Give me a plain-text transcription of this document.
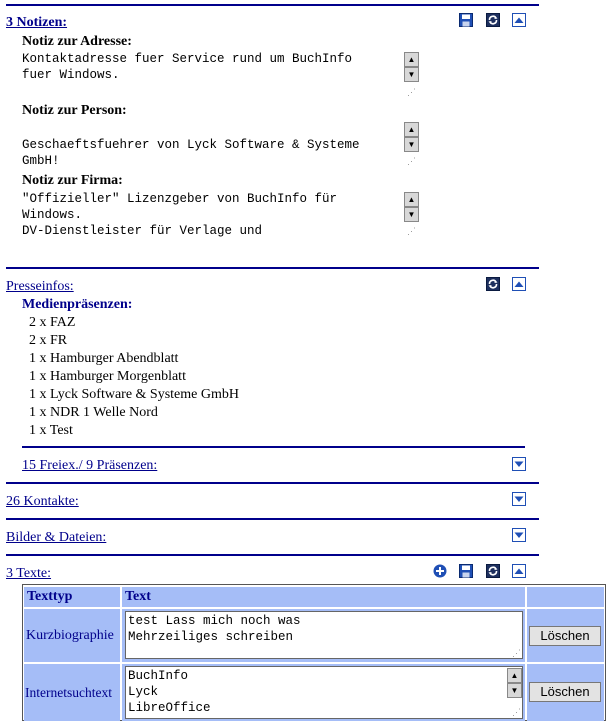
3 Notizen:
Notiz zur Adresse:
Kontaktadresse fuer Service rund um BuchInfo
fuer Windows.
▲
▼
⋰
Notiz zur Person:

Geschaeftsfuehrer von Lyck Software & Systeme
GmbH!
▲
▼
⋰
Notiz zur Firma:
"Offizieller" Lizenzgeber von BuchInfo für
Windows.
DV-Dienstleister für Verlage und
▲
▼
⋰
Presseinfos:
Medienpräsenzen:
2 x FAZ
2 x FR
1 x Hamburger Abendblatt
1 x Hamburger Morgenblatt
1 x Lyck Software & Systeme GmbH
1 x NDR 1 Welle Nord
1 x Test
15 Freiex./ 9 Präsenzen:
26 Kontakte:
Bilder & Dateien:
3 Texte:
Texttyp	Text
Kurzbiographie
test Lass mich noch was
Mehrzeiliges schreiben
⋰
Löschen
Internetsuchtext
BuchInfo
Lyck
LibreOffice
▲
▼
⋰
Löschen
